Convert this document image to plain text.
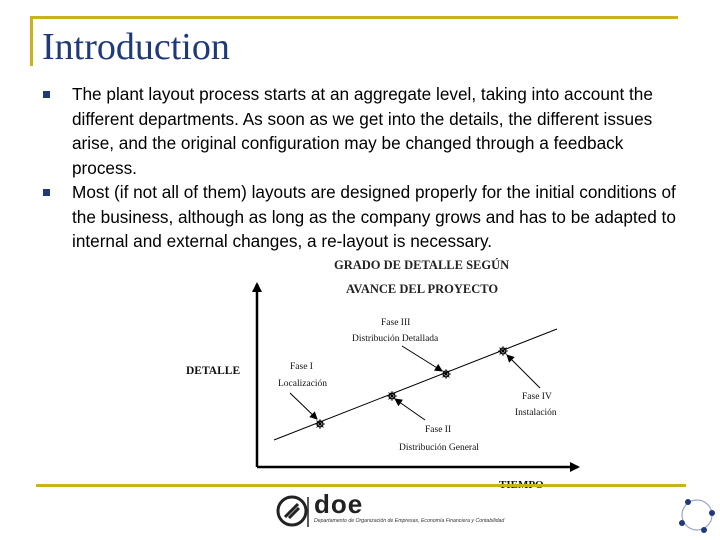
Introduction
The plant layout process starts at an aggregate level, taking into account the different departments. As soon as we get into the details, the different issues arise, and the original configuration may be changed through a feedback process.
Most (if not all of them) layouts are designed properly for the initial conditions of the business, although as long as the company grows and has to be adapted to internal and external changes, a re-layout is necessary.
GRADO DE DETALLE SEGÚN
AVANCE DEL PROYECTO
DETALLE	Fase I
Localización
Fase II
Distribución General
Fase III
Distribución Detallada
Fase IV
Instalación
doe
Departamento de Organización de Empresas, Economía Financiera y Contabilidad
